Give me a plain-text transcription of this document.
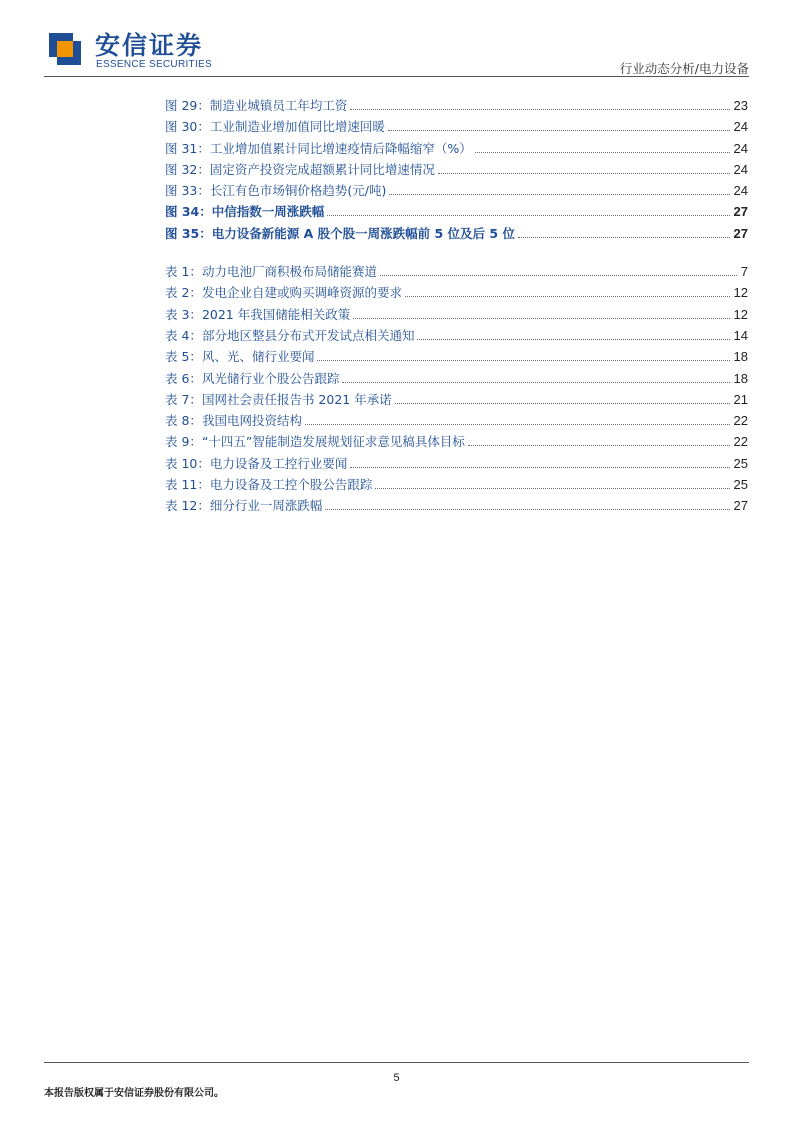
安信证券
ESSENCE SECURITIES	行业动态分析/电力设备
图 29： 制造业城镇员工年均工资	23
图 30： 工业制造业增加值同比增速回暖	24
图 31： 工业增加值累计同比增速疫情后降幅缩窄（%）	24
图 32： 固定资产投资完成超额累计同比增速情况	24
图 33： 长江有色市场铜价格趋势(元/吨)	24
图 34： 中信指数一周涨跌幅	27
图 35： 电力设备新能源 A 股个股一周涨跌幅前 5 位及后 5 位	27
表 1： 动力电池厂商积极布局储能赛道	7
表 2： 发电企业自建或购买调峰资源的要求	12
表 3： 2021 年我国储能相关政策	12
表 4： 部分地区整县分布式开发试点相关通知	14
表 5： 风、光、储行业要闻	18
表 6： 风光储行业个股公告跟踪	18
表 7： 国网社会责任报告书 2021 年承诺	21
表 8： 我国电网投资结构	22
表 9： “十四五”智能制造发展规划征求意见稿具体目标	22
表 10： 电力设备及工控行业要闻	25
表 11： 电力设备及工控个股公告跟踪	25
表 12： 细分行业一周涨跌幅	27
5
本报告版权属于安信证券股份有限公司。
